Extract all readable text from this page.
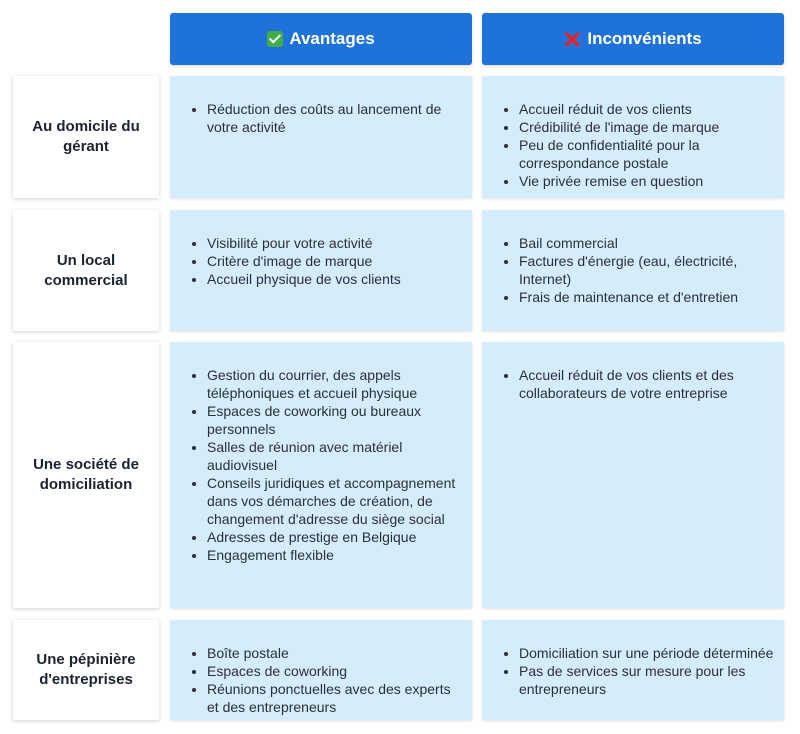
Avantages	Inconvénients
Au domicile du gérant
• Réduction des coûts au lancement de votre activité
• Accueil réduit de vos clients
• Crédibilité de l'image de marque
• Peu de confidentialité pour la correspondance postale
• Vie privée remise en question
Un local commercial
• Visibilité pour votre activité
• Critère d'image de marque
• Accueil physique de vos clients
• Bail commercial
• Factures d'énergie (eau, électricité, Internet)
• Frais de maintenance et d'entretien
Une société de domiciliation
• Gestion du courrier, des appels téléphoniques et accueil physique
• Espaces de coworking ou bureaux personnels
• Salles de réunion avec matériel audiovisuel
• Conseils juridiques et accompagnement dans vos démarches de création, de changement d'adresse du siège social
• Adresses de prestige en Belgique
• Engagement flexible
• Accueil réduit de vos clients et des collaborateurs de votre entreprise
Une pépinière d'entreprises
• Boîte postale
• Espaces de coworking
• Réunions ponctuelles avec des experts et des entrepreneurs
• Domiciliation sur une période déterminée
• Pas de services sur mesure pour les entrepreneurs
